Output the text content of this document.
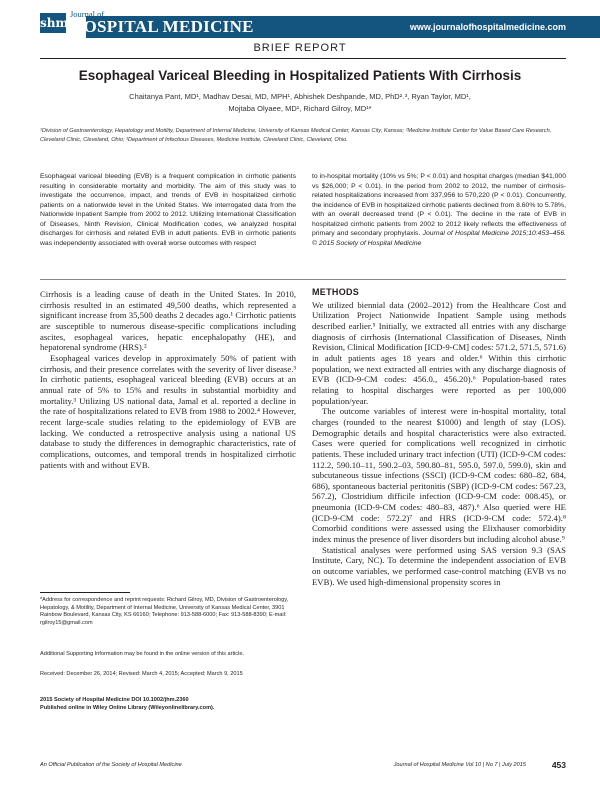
shm
Journal of
HOSPITAL MEDICINE	www.journalofhospitalmedicine.com
BRIEF REPORT
Esophageal Variceal Bleeding in Hospitalized Patients With Cirrhosis
Chaitanya Pant, MD¹, Madhav Desai, MD, MPH¹, Abhishek Deshpande, MD, PhD²˒³, Ryan Taylor, MD¹,
Mojtaba Olyaee, MD¹, Richard Gilroy, MD¹*
¹Division of Gastroenterology, Hepatology and Motility, Department of Internal Medicine, University of Kansas Medical Center, Kansas City, Kansas; ²Medicine Institute Center for Value Based Care Research, Cleveland Clinic, Cleveland, Ohio; ³Department of Infectious Diseases, Medicine Institute, Cleveland Clinic, Cleveland, Ohio.
Esophageal variceal bleeding (EVB) is a frequent complication in cirrhotic patients resulting in considerable mortality and morbidity. The aim of this study was to investigate the occurrence, impact, and trends of EVB in hospitalized cirrhotic patients on a nationwide level in the United States. We interrogated data from the Nationwide Inpatient Sample from 2002 to 2012. Utilizing International Classification of Diseases, Ninth Revision, Clinical Modification codes, we analyzed hospital discharges for cirrhosis and related EVB in adult patients. EVB in cirrhotic patients was independently associated with overall worse outcomes with respect
to in-hospital mortality (10% vs 5%; P < 0.01) and hospital charges (median $41,000 vs $26,000; P < 0.01). In the period from 2002 to 2012, the number of cirrhosis-related hospitalizations increased from 337,956 to 570,220 (P < 0.01). Concurrently, the incidence of EVB in hospitalized cirrhotic patients declined from 8.60% to 5.78%, with an overall decreased trend (P < 0.01). The decline in the rate of EVB in hospitalized cirrhotic patients from 2002 to 2012 likely reflects the effectiveness of primary and secondary prophylaxis. Journal of Hospital Medicine 2015;10:453–456. © 2015 Society of Hospital Medicine

Cirrhosis is a leading cause of death in the United States. In 2010, cirrhosis resulted in an estimated 49,500 deaths, which represented a significant increase from 35,500 deaths 2 decades ago.¹ Cirrhotic patients are susceptible to numerous disease-specific complications including ascites, esophageal varices, hepatic encephalopathy (HE), and hepatorenal syndrome (HRS).²

Esophageal varices develop in approximately 50% of patient with cirrhosis, and their presence correlates with the severity of liver disease.³ In cirrhotic patients, esophageal variceal bleeding (EVB) occurs at an annual rate of 5% to 15% and results in substantial morbidity and mortality.³ Utilizing US national data, Jamal et al. reported a decline in the rate of hospitalizations related to EVB from 1988 to 2002.⁴ However, recent large-scale studies relating to the epidemiology of EVB are lacking. We conducted a retrospective analysis using a national US database to study the differences in demographic characteristics, rate of complications, outcomes, and temporal trends in hospitalized cirrhotic patients with and without EVB.

METHODS

We utilized biennial data (2002–2012) from the Healthcare Cost and Utilization Project Nationwide Inpatient Sample using methods described earlier.⁵ Initially, we extracted all entries with any discharge diagnosis of cirrhosis (International Classification of Diseases, Ninth Revision, Clinical Modification [ICD-9-CM] codes: 571.2, 571.5, 571.6) in adult patients ages 18 years and older.⁶ Within this cirrhotic population, we next extracted all entries with any discharge diagnosis of EVB (ICD-9-CM codes: 456.0., 456.20).⁶ Population-based rates relating to hospital discharges were reported as per 100,000 population/year.

The outcome variables of interest were in-hospital mortality, total charges (rounded to the nearest $1000) and length of stay (LOS). Demographic details and hospital characteristics were also extracted. Cases were queried for complications well recognized in cirrhotic patients. These included urinary tract infection (UTI) (ICD-9-CM codes: 112.2, 590.10–11, 590.2–03, 590.80–81, 595.0, 597.0, 599.0), skin and subcutaneous tissue infections (SSCI) (ICD-9-CM codes: 680–82, 684, 686), spontaneous bacterial peritonitis (SBP) (ICD-9-CM codes: 567.23, 567.2), Clostridium difficile infection (ICD-9-CM code: 008.45), or pneumonia (ICD-9-CM codes: 480–83, 487).⁶ Also queried were HE (ICD-9-CM code: 572.2)⁷ and HRS (ICD-9-CM code: 572.4).⁸ Comorbid conditions were assessed using the Elixhauser comorbidity index minus the presence of liver disorders but including alcohol abuse.⁹

Statistical analyses were performed using SAS version 9.3 (SAS Institute, Cary, NC). To determine the independent association of EVB on outcome variables, we performed case-control matching (EVB vs no EVB). We used high-dimensional propensity scores in

*Address for correspondence and reprint requests: Richard Gilroy, MD, Division of Gastroenterology, Hepatology, & Motility, Department of Internal Medicine, University of Kansas Medical Center, 3901 Rainbow Boulevard, Kansas City, KS 66160; Telephone: 913-588-6000; Fax: 913-588-8390; E-mail: rgilroy15@gmail.com
Additional Supporting Information may be found in the online version of this article.
Received: December 26, 2014; Revised: March 4, 2015; Accepted: March 9, 2015
2015 Society of Hospital Medicine DOI 10.1002/jhm.2360
Published online in Wiley Online Library (Wileyonlinelibrary.com).
An Official Publication of the Society of Hospital Medicine	Journal of Hospital Medicine Vol 10 | No 7 | July 2015	453
